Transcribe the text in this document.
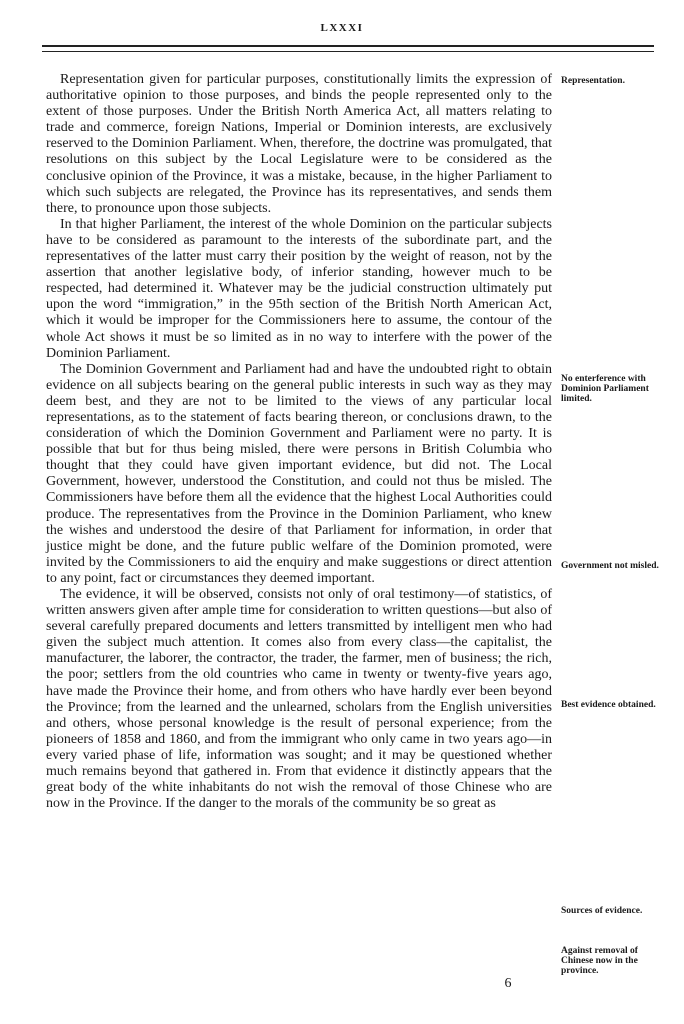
LXXXI

Representation given for particular purposes, constitutionally limits the expression of authoritative opinion to those purposes, and binds the people represented only to the extent of those purposes. Under the British North America Act, all matters relating to trade and commerce, foreign Nations, Imperial or Dominion interests, are exclusively reserved to the Dominion Parliament. When, therefore, the doctrine was promulgated, that resolutions on this subject by the Local Legislature were to be considered as the conclusive opinion of the Province, it was a mistake, because, in the higher Parliament to which such subjects are relegated, the Province has its representatives, and sends them there, to pronounce upon those subjects.

In that higher Parliament, the interest of the whole Dominion on the particular subjects have to be considered as paramount to the interests of the subordinate part, and the representatives of the latter must carry their position by the weight of reason, not by the assertion that another legislative body, of inferior standing, however much to be respected, had determined it. Whatever may be the judicial construction ultimately put upon the word “immigration,” in the 95th section of the British North American Act, which it would be improper for the Commissioners here to assume, the contour of the whole Act shows it must be so limited as in no way to interfere with the power of the Dominion Parliament.

The Dominion Government and Parliament had and have the undoubted right to obtain evidence on all subjects bearing on the general public interests in such way as they may deem best, and they are not to be limited to the views of any particular local representations, as to the statement of facts bearing thereon, or conclusions drawn, to the consideration of which the Dominion Government and Parliament were no party. It is possible that but for thus being misled, there were persons in British Columbia who thought that they could have given important evidence, but did not. The Local Government, however, understood the Constitution, and could not thus be misled. The Commissioners have before them all the evidence that the highest Local Authorities could produce. The representatives from the Province in the Dominion Parliament, who knew the wishes and understood the desire of that Parliament for information, in order that justice might be done, and the future public welfare of the Dominion promoted, were invited by the Commissioners to aid the enquiry and make suggestions or direct attention to any point, fact or circumstances they deemed important.

The evidence, it will be observed, consists not only of oral testimony—of statistics, of written answers given after ample time for consideration to written questions—but also of several carefully prepared documents and letters transmitted by intelligent men who had given the subject much attention. It comes also from every class—the capitalist, the manufacturer, the laborer, the contractor, the trader, the farmer, men of business; the rich, the poor; settlers from the old countries who came in twenty or twenty-five years ago, have made the Province their home, and from others who have hardly ever been beyond the Province; from the learned and the unlearned, scholars from the English universities and others, whose personal knowledge is the result of personal experience; from the pioneers of 1858 and 1860, and from the immigrant who only came in two years ago—in every varied phase of life, information was sought; and it may be questioned whether much remains beyond that gathered in. From that evidence it distinctly appears that the great body of the white inhabitants do not wish the removal of those Chinese who are now in the Province. If the danger to the morals of the community be so great as

Representation.
No enterference with Dominion Parliament limited.
Government not misled.
Best evidence obtained.
Sources of evidence.
Against removal of Chinese now in the province.
6
